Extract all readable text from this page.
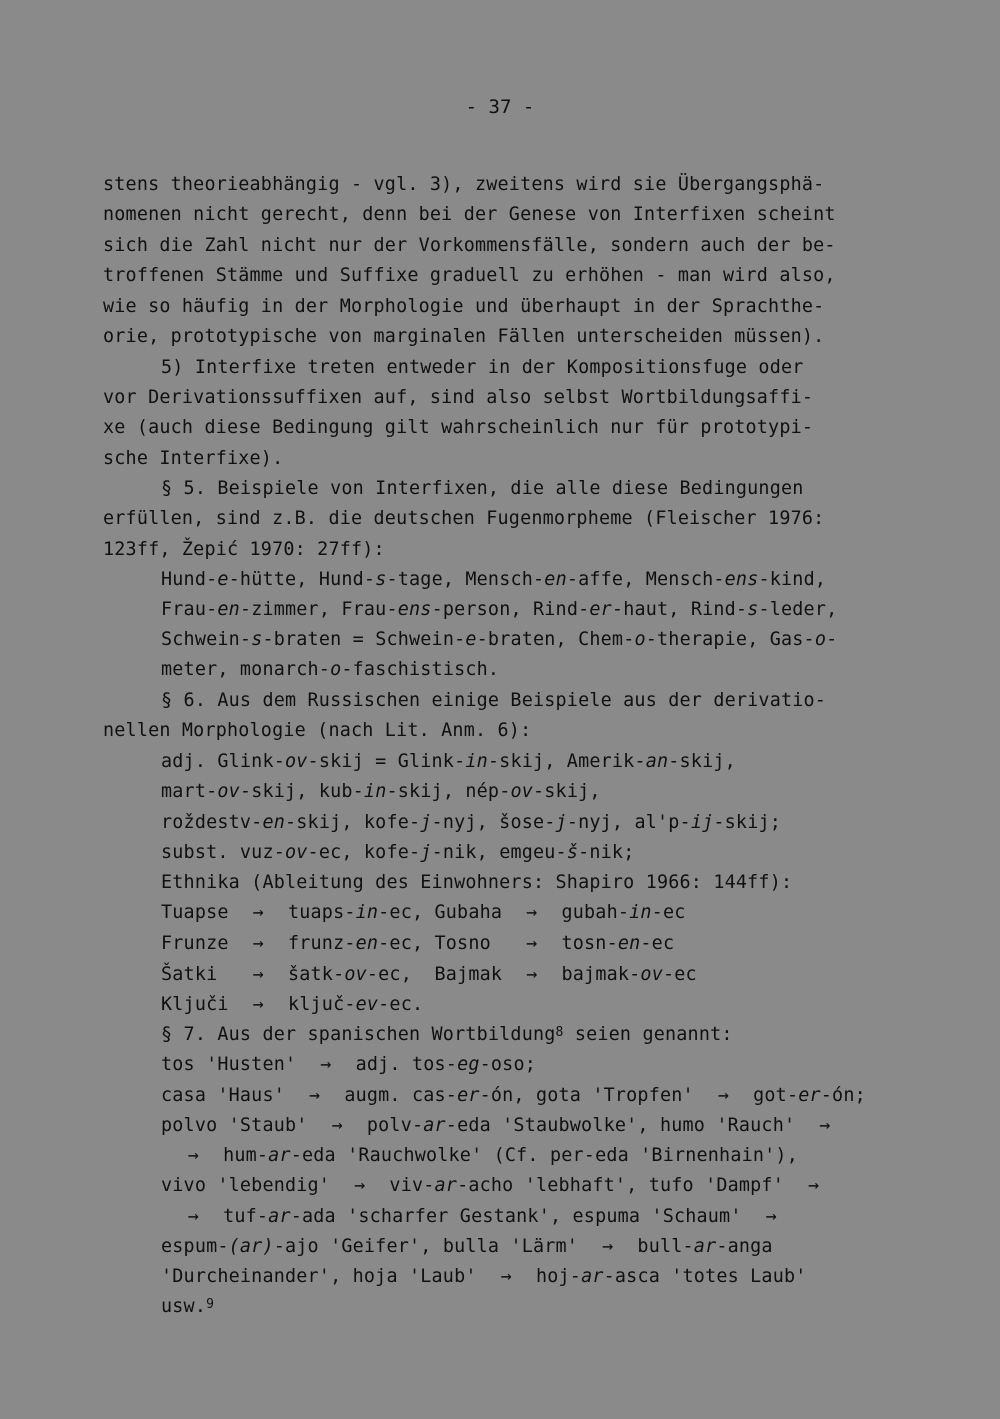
- 37 -
stens theorieabhängig - vgl. 3), zweitens wird sie Übergangsphä-
nomenen nicht gerecht, denn bei der Genese von Interfixen scheint
sich die Zahl nicht nur der Vorkommensfälle, sondern auch der be-
troffenen Stämme und Suffixe graduell zu erhöhen - man wird also,
wie so häufig in der Morphologie und überhaupt in der Sprachthe-
orie, prototypische von marginalen Fällen unterscheiden müssen).
5) Interfixe treten entweder in der Kompositionsfuge oder
vor Derivationssuffixen auf, sind also selbst Wortbildungsaffi-
xe (auch diese Bedingung gilt wahrscheinlich nur für prototypi-
sche Interfixe).
§ 5. Beispiele von Interfixen, die alle diese Bedingungen
erfüllen, sind z.B. die deutschen Fugenmorpheme (Fleischer 1976:
123ff, Žepić 1970: 27ff):
Hund-e-hütte, Hund-s-tage, Mensch-en-affe, Mensch-ens-kind,
Frau-en-zimmer, Frau-ens-person, Rind-er-haut, Rind-s-leder,
Schwein-s-braten = Schwein-e-braten, Chem-o-therapie, Gas-o-
meter, monarch-o-faschistisch.
§ 6. Aus dem Russischen einige Beispiele aus der derivatio-
nellen Morphologie (nach Lit. Anm. 6):
adj. Glink-ov-skij = Glink-in-skij, Amerik-an-skij,
mart-ov-skij, kub-in-skij, nép-ov-skij,
roždestv-en-skij, kofe-j-nyj, šose-j-nyj, al'p-ij-skij;
subst. vuz-ov-ec, kofe-j-nik, emgeu-š-nik;
Ethnika (Ableitung des Einwohners: Shapiro 1966: 144ff):
Tuapse → tuaps-in-ec, Gubaha → gubah-in-ec
Frunze → frunz-en-ec, Tosno  → tosn-en-ec
Šatki  → šatk-ov-ec,  Bajmak → bajmak-ov-ec
Ključi → ključ-ev-ec.
§ 7. Aus der spanischen Wortbildung$^8$ seien genannt:
tos 'Husten' → adj. tos-eg-oso;
casa 'Haus' → augm. cas-er-ón, gota 'Tropfen' → got-er-ón;
polvo 'Staub' → polv-ar-eda 'Staubwolke', humo 'Rauch' →
→ hum-ar-eda 'Rauchwolke' (Cf. per-eda 'Birnenhain'),
vivo 'lebendig' → viv-ar-acho 'lebhaft', tufo 'Dampf' →
→ tuf-ar-ada 'scharfer Gestank', espuma 'Schaum' →
espum-(ar)-ajo 'Geifer', bulla 'Lärm' → bull-ar-anga
'Durcheinander', hoja 'Laub' → hoj-ar-asca 'totes Laub'
usw.$^9$
